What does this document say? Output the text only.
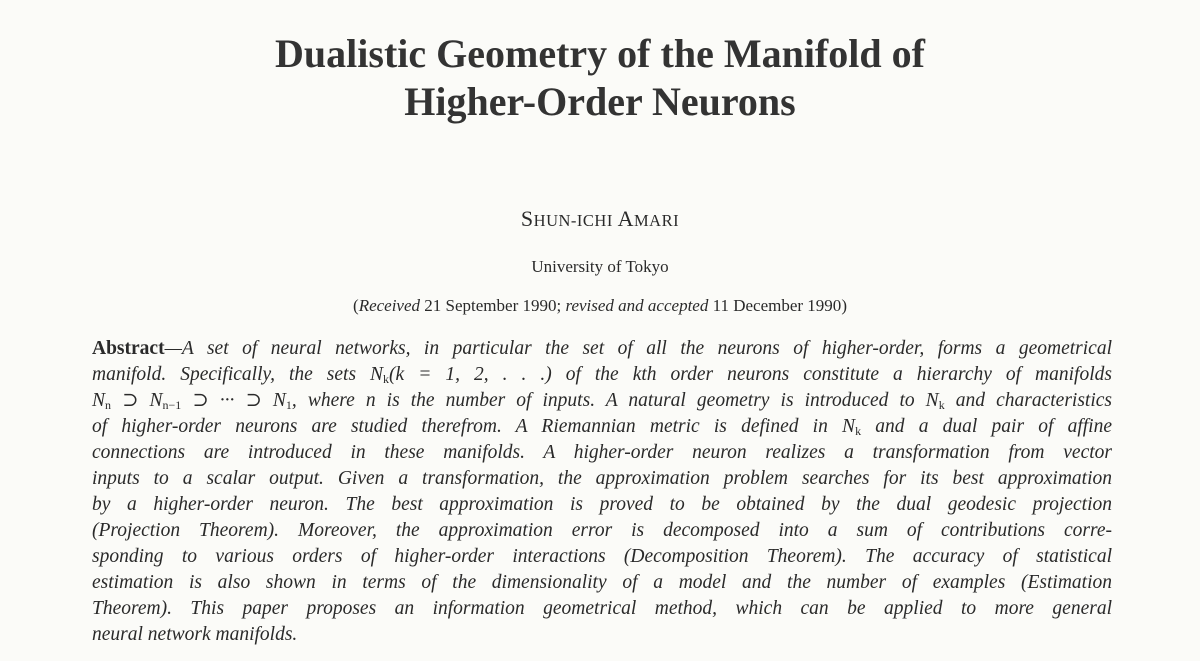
Dualistic Geometry of the Manifold of
Higher-Order Neurons
SHUN-ICHI AMARI
University of Tokyo
(Received 21 September 1990; revised and accepted 11 December 1990)
Abstract—A set of neural networks, in particular the set of all the neurons of higher-order, forms a geometrical
manifold. Specifically, the sets $N_k(k = 1$, 2, . . .) of the kth order neurons constitute a hierarchy of manifolds
$N_n$ ⊃ $N_{n-1}$ ⊃ ··· ⊃ $N_1$, where n is the number of inputs. A natural geometry is introduced to $N_k$ and characteristics
of higher-order neurons are studied therefrom. A Riemannian metric is defined in $N_k$ and a dual pair of affine
connections are introduced in these manifolds. A higher-order neuron realizes a transformation from vector
inputs to a scalar output. Given a transformation, the approximation problem searches for its best approximation
by a higher-order neuron. The best approximation is proved to be obtained by the dual geodesic projection
(Projection Theorem). Moreover, the approximation error is decomposed into a sum of contributions corre-
sponding to various orders of higher-order interactions (Decomposition Theorem). The accuracy of statistical
estimation is also shown in terms of the dimensionality of a model and the number of examples (Estimation
Theorem). This paper proposes an information geometrical method, which can be applied to more general
neural network manifolds.
